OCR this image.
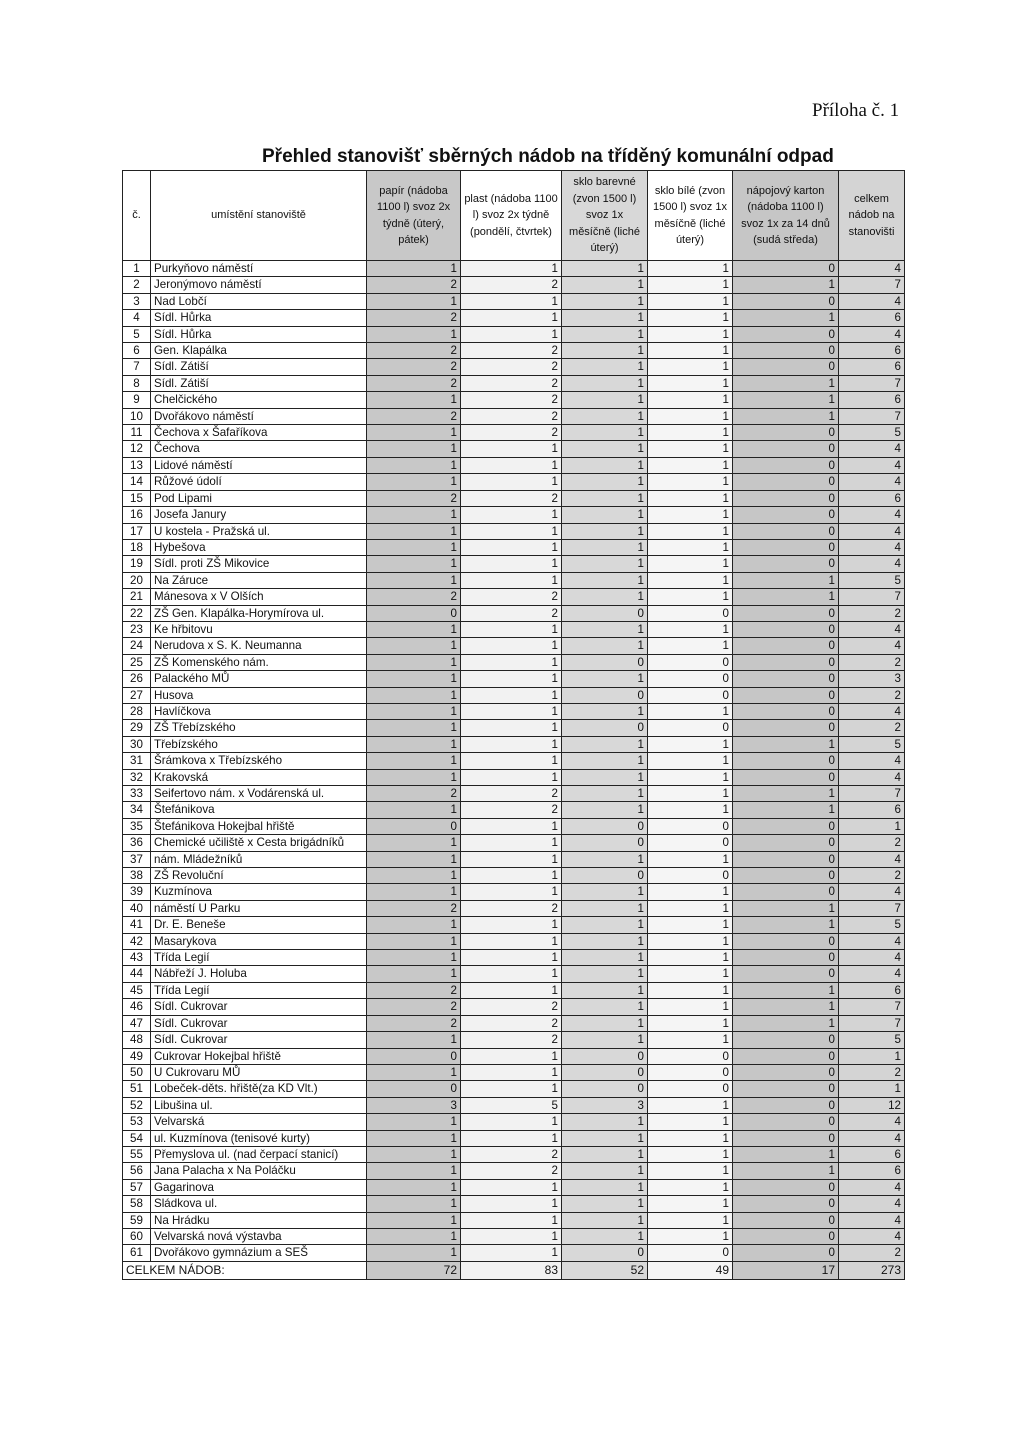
Příloha č. 1
Přehled stanovišť sběrných nádob na tříděný komunální odpad
č.	umístění stanoviště	papír (nádoba 1100 l) svoz 2x týdně (úterý, pátek)	plast (nádoba 1100 l) svoz 2x týdně (pondělí, čtvrtek)	sklo barevné (zvon 1500 l) svoz 1x měsíčně (liché úterý)	sklo bílé (zvon 1500 l) svoz 1x měsíčně (liché úterý)	nápojový karton (nádoba 1100 l) svoz 1x za 14 dnů (sudá středa)	celkem nádob na stanovišti
1	Purkyňovo náměstí	1	1	1	1	0	4
2	Jeronýmovo náměstí	2	2	1	1	1	7
3	Nad Lobčí	1	1	1	1	0	4
4	Sídl. Hůrka	2	1	1	1	1	6
5	Sídl. Hůrka	1	1	1	1	0	4
6	Gen. Klapálka	2	2	1	1	0	6
7	Sídl. Zátiší	2	2	1	1	0	6
8	Sídl. Zátiší	2	2	1	1	1	7
9	Chelčického	1	2	1	1	1	6
10	Dvořákovo náměstí	2	2	1	1	1	7
11	Čechova x Šafaříkova	1	2	1	1	0	5
12	Čechova	1	1	1	1	0	4
13	Lidové náměstí	1	1	1	1	0	4
14	Růžové údolí	1	1	1	1	0	4
15	Pod Lipami	2	2	1	1	0	6
16	Josefa Janury	1	1	1	1	0	4
17	U kostela - Pražská ul.	1	1	1	1	0	4
18	Hybešova	1	1	1	1	0	4
19	Sídl. proti ZŠ Mikovice	1	1	1	1	0	4
20	Na Záruce	1	1	1	1	1	5
21	Mánesova x V Olších	2	2	1	1	1	7
22	ZŠ Gen. Klapálka-Horymírova ul.	0	2	0	0	0	2
23	Ke hřbitovu	1	1	1	1	0	4
24	Nerudova x S. K. Neumanna	1	1	1	1	0	4
25	ZŠ Komenského nám.	1	1	0	0	0	2
26	Palackého MŮ	1	1	1	0	0	3
27	Husova	1	1	0	0	0	2
28	Havlíčkova	1	1	1	1	0	4
29	ZŠ Třebízského	1	1	0	0	0	2
30	Třebízského	1	1	1	1	1	5
31	Šrámkova x Třebízského	1	1	1	1	0	4
32	Krakovská	1	1	1	1	0	4
33	Seifertovo nám. x Vodárenská ul.	2	2	1	1	1	7
34	Štefánikova	1	2	1	1	1	6
35	Štefánikova Hokejbal hřiště	0	1	0	0	0	1
36	Chemické učiliště x Cesta brigádníků	1	1	0	0	0	2
37	nám. Mládežníků	1	1	1	1	0	4
38	ZŠ Revoluční	1	1	0	0	0	2
39	Kuzmínova	1	1	1	1	0	4
40	náměstí U Parku	2	2	1	1	1	7
41	Dr. E. Beneše	1	1	1	1	1	5
42	Masarykova	1	1	1	1	0	4
43	Třída Legií	1	1	1	1	0	4
44	Nábřeží J. Holuba	1	1	1	1	0	4
45	Třída Legií	2	1	1	1	1	6
46	Sídl. Cukrovar	2	2	1	1	1	7
47	Sídl. Cukrovar	2	2	1	1	1	7
48	Sídl. Cukrovar	1	2	1	1	0	5
49	Cukrovar Hokejbal hřiště	0	1	0	0	0	1
50	U Cukrovaru MŮ	1	1	0	0	0	2
51	Lobeček-děts. hřiště(za KD Vlt.)	0	1	0	0	0	1
52	Libušina ul.	3	5	3	1	0	12
53	Velvarská	1	1	1	1	0	4
54	ul. Kuzmínova (tenisové kurty)	1	1	1	1	0	4
55	Přemyslova ul. (nad čerpací stanicí)	1	2	1	1	1	6
56	Jana Palacha x Na Poláčku	1	2	1	1	1	6
57	Gagarinova	1	1	1	1	0	4
58	Sládkova ul.	1	1	1	1	0	4
59	Na Hrádku	1	1	1	1	0	4
60	Velvarská nová výstavba	1	1	1	1	0	4
61	Dvořákovo gymnázium a SEŠ	1	1	0	0	0	2
CELKEM NÁDOB:		72	83	52	49	17	273
